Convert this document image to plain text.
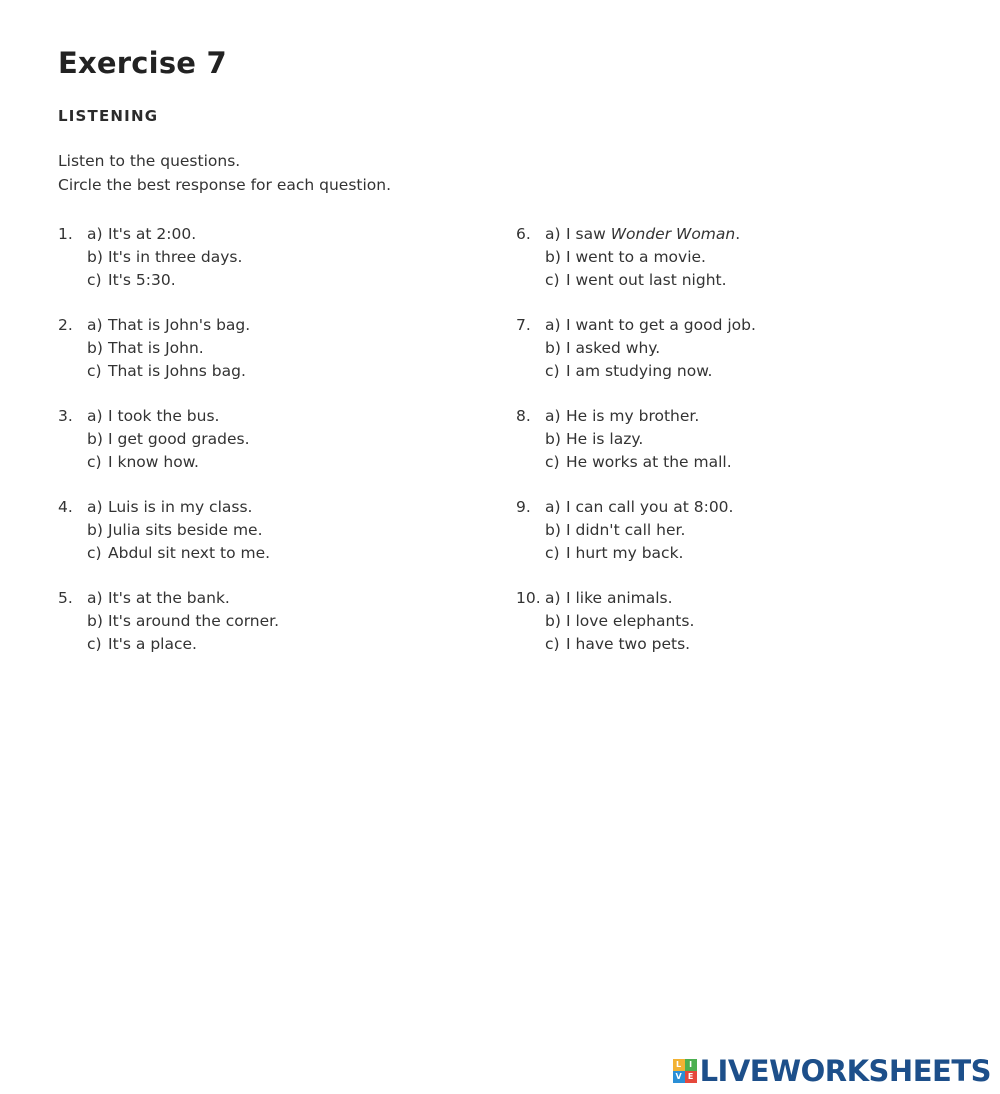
Exercise 7
LISTENING
Listen to the questions.
Circle the best response for each question.
1. a) It's at 2:00.
b) It's in three days.
c) It's 5:30.
2. a) That is John's bag.
b) That is John.
c) That is Johns bag.
3. a) I took the bus.
b) I get good grades.
c) I know how.
4. a) Luis is in my class.
b) Julia sits beside me.
c) Abdul sit next to me.
5. a) It's at the bank.
b) It's around the corner.
c) It's a place.
6. a) I saw Wonder Woman.
b) I went to a movie.
c) I went out last night.
7. a) I want to get a good job.
b) I asked why.
c) I am studying now.
8. a) He is my brother.
b) He is lazy.
c) He works at the mall.
9. a) I can call you at 8:00.
b) I didn't call her.
c) I hurt my back.
10. a) I like animals.
b) I love elephants.
c) I have two pets.
L I
V E LIVEWORKSHEETS
